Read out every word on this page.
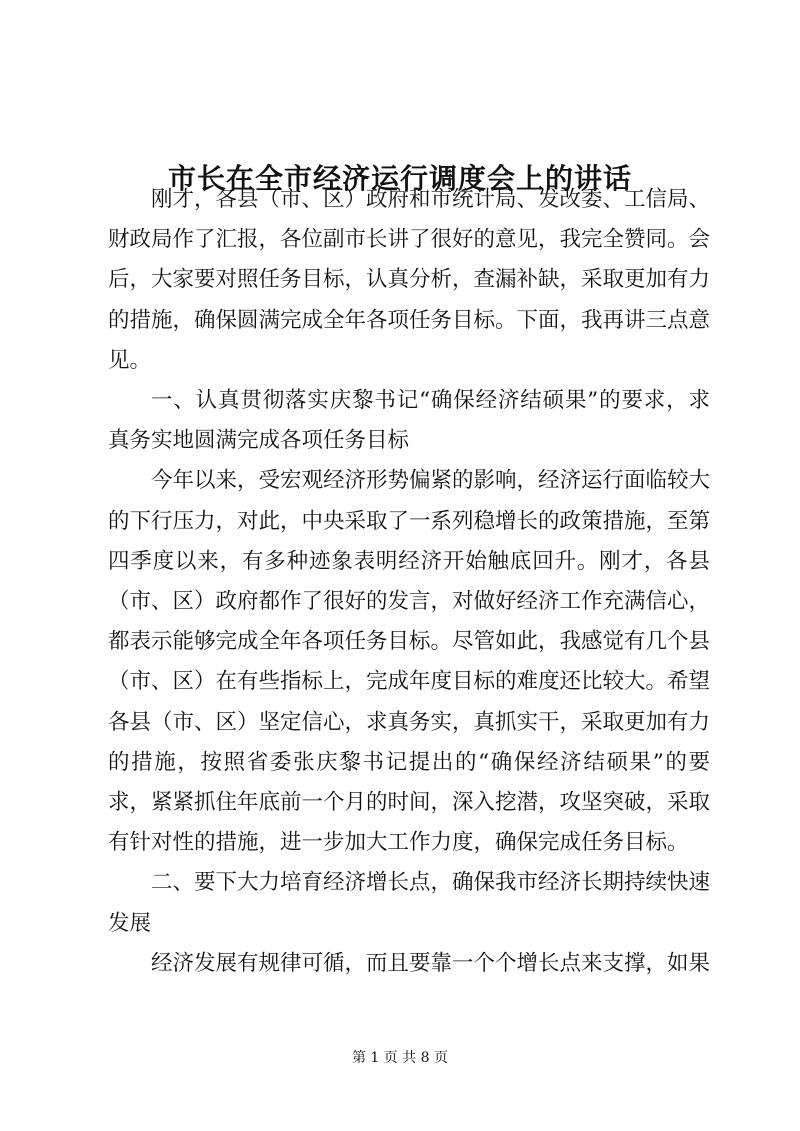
市长在全市经济运行调度会上的讲话

刚才，各县（市、区）政府和市统计局、发改委、工信局、财政局作了汇报，各位副市长讲了很好的意见，我完全赞同。会后，大家要对照任务目标，认真分析，查漏补缺，采取更加有力的措施，确保圆满完成全年各项任务目标。下面，我再讲三点意见。

一、认真贯彻落实庆黎书记“确保经济结硕果”的要求，求真务实地圆满完成各项任务目标

今年以来，受宏观经济形势偏紧的影响，经济运行面临较大的下行压力，对此，中央采取了一系列稳增长的政策措施，至第四季度以来，有多种迹象表明经济开始触底回升。刚才，各县（市、区）政府都作了很好的发言，对做好经济工作充满信心，都表示能够完成全年各项任务目标。尽管如此，我感觉有几个县（市、区）在有些指标上，完成年度目标的难度还比较大。希望各县（市、区）坚定信心，求真务实，真抓实干，采取更加有力的措施，按照省委张庆黎书记提出的“确保经济结硕果”的要求，紧紧抓住年底前一个月的时间，深入挖潜，攻坚突破，采取有针对性的措施，进一步加大工作力度，确保完成任务目标。

二、要下大力培育经济增长点，确保我市经济长期持续快速发展

经济发展有规律可循，而且要靠一个个增长点来支撑，如果

第 1 页 共 8 页
